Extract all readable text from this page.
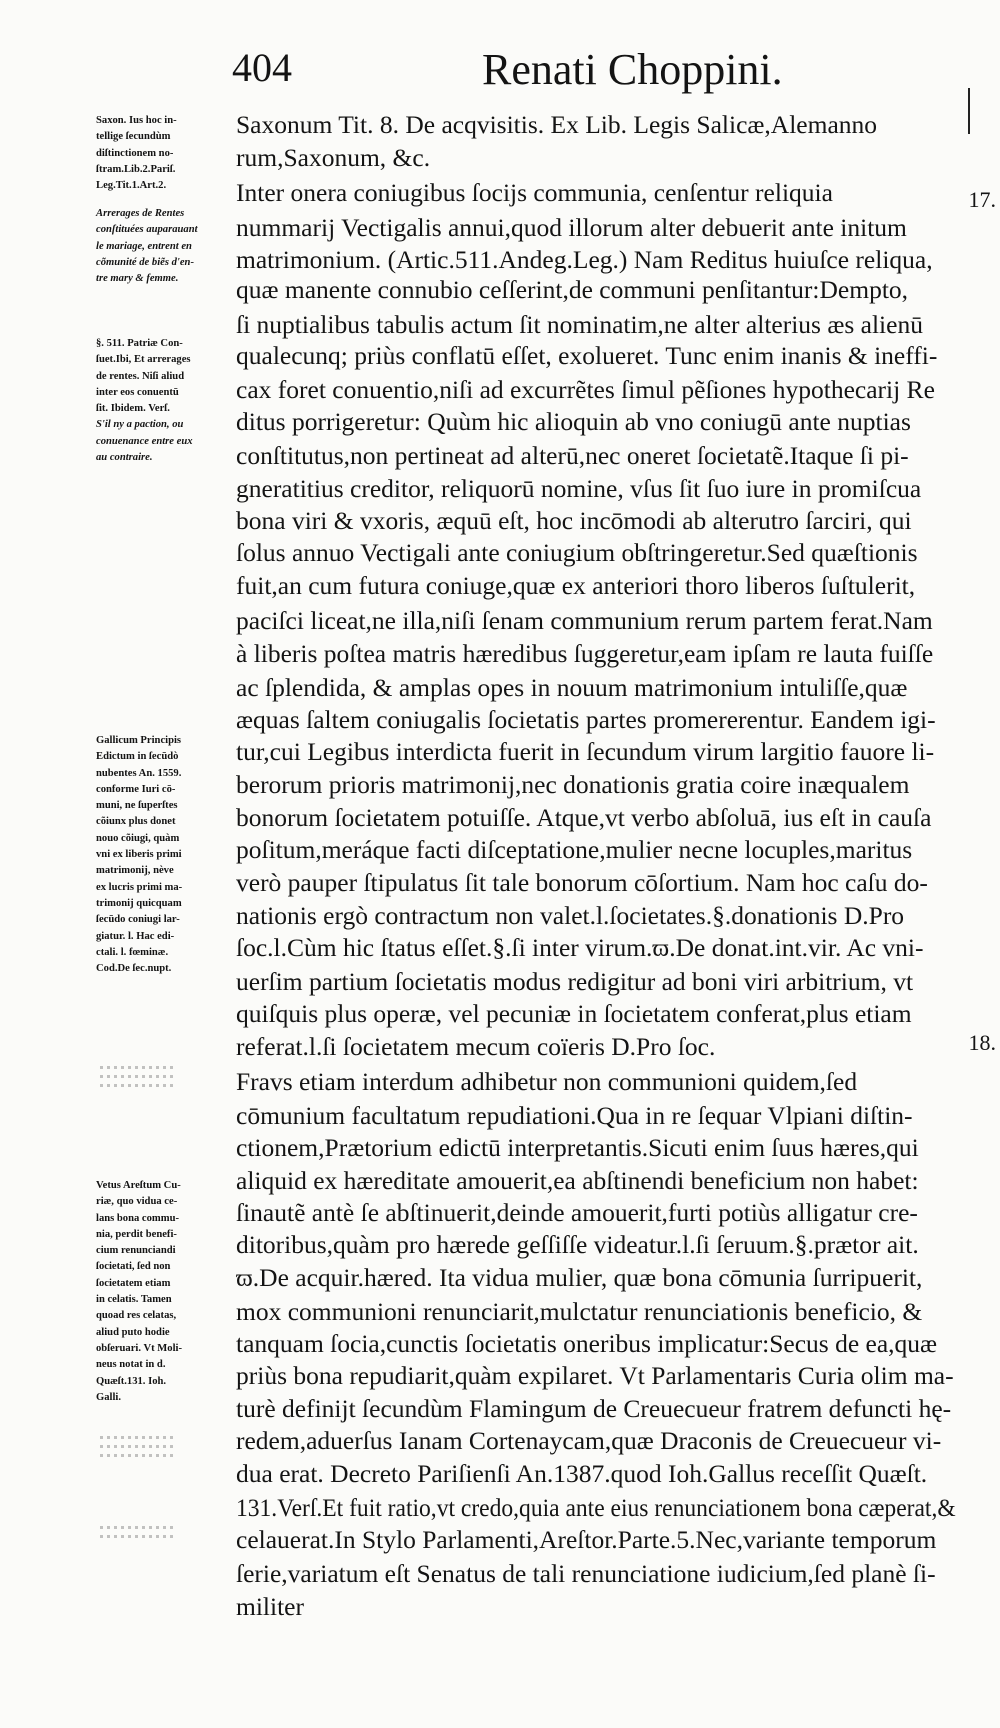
404	Renati Choppini.
Saxon. Ius hoc in-
tellige ſecundùm
diſtinctionem no-
ſtram.Lib.2.Pariſ.
Leg.Tit.1.Art.2.
Arrerages de Rentes
conſtituées auparauant
le mariage, entrent en
cõmunité de biẽs d'en-
tre mary & femme.
§. 511. Patriæ Con-
ſuet.Ibi, Et arrerages
de rentes. Niſi aliud
inter eos conuentū
ſit. Ibidem. Verſ.
S'il ny a paction, ou
conuenance entre eux
au contraire.
Gallicum Principis
Edictum in ſecūdò
nubentes An. 1559.
conforme Iuri cō-
muni, ne ſuperſtes
cõiunx plus donet
nouo cõiugi, quàm
vni ex liberis primi
matrimonij, nève
ex lucris primi ma-
trimonij quicquam
ſecūdo coniugi lar-
giatur. l. Hac edi-
ctali. l. fœminæ.
Cod.De ſec.nupt.
Vetus Areſtum Cu-
riæ, quo vidua ce-
lans bona commu-
nia, perdit benefi-
cium renunciandi
ſocietati, ſed non
ſocietatem etiam
in celatis. Tamen
quoad res celatas,
aliud puto hodie
obſeruari. Vt Moli-
neus notat in d.
Quæſt.131. Ioh.
Galli.
Saxonum Tit. 8. De acqvisitis. Ex Lib. Legis Salicæ,Alemanno
rum,Saxonum, &c.
Inter onera coniugibus ſocijs communia, cenſentur reliquia
nummarij Vectigalis annui,quod illorum alter debuerit ante initum
matrimonium. (Artic.511.Andeg.Leg.) Nam Reditus huiuſce reliqua,
quæ manente connubio ceſſerint,de communi penſitantur:Dempto,
ſi nuptialibus tabulis actum ſit nominatim,ne alter alterius æs alienū
qualecunq; priùs conflatū eſſet, exolueret. Tunc enim inanis & ineffi-
cax foret conuentio,niſi ad excurrẽtes ſimul pẽſiones hypothecarij Re
ditus porrigeretur: Quùm hic alioquin ab vno coniugū ante nuptias
conſtitutus,non pertineat ad alterū,nec oneret ſocietatẽ.Itaque ſi pi-
gneratitius creditor, reliquorū nomine, vſus ſit ſuo iure in promiſcua
bona viri & vxoris, æquū eſt, hoc incōmodi ab alterutro ſarciri, qui
ſolus annuo Vectigali ante coniugium obſtringeretur.Sed quæſtionis
fuit,an cum futura coniuge,quæ ex anteriori thoro liberos ſuſtulerit,
paciſci liceat,ne illa,niſi ſenam communium rerum partem ferat.Nam
à liberis poſtea matris hæredibus ſuggeretur,eam ipſam re lauta fuiſſe
ac ſplendida, & amplas opes in nouum matrimonium intuliſſe,quæ
æquas ſaltem coniugalis ſocietatis partes promererentur. Eandem igi-
tur,cui Legibus interdicta fuerit in ſecundum virum largitio fauore li-
berorum prioris matrimonij,nec donationis gratia coire inæqualem
bonorum ſocietatem potuiſſe. Atque,vt verbo abſoluā, ius eſt in cauſa
poſitum,meráque facti diſceptatione,mulier necne locuples,maritus
verò pauper ſtipulatus ſit tale bonorum cōſortium. Nam hoc caſu do-
nationis ergò contractum non valet.l.ſocietates.§.donationis D.Pro
ſoc.l.Cùm hic ſtatus eſſet.§.ſi inter virum.ϖ.De donat.int.vir. Ac vni-
uerſim partium ſocietatis modus redigitur ad boni viri arbitrium, vt
quiſquis plus operæ, vel pecuniæ in ſocietatem conferat,plus etiam
referat.l.ſi ſocietatem mecum coïeris D.Pro ſoc.
Fravs etiam interdum adhibetur non communioni quidem,ſed
cōmunium facultatum repudiationi.Qua in re ſequar Vlpiani diſtin-
ctionem,Prætorium edictū interpretantis.Sicuti enim ſuus hæres,qui
aliquid ex hæreditate amouerit,ea abſtinendi beneficium non habet:
ſinautẽ antè ſe abſtinuerit,deinde amouerit,furti potiùs alligatur cre-
ditoribus,quàm pro hærede geſſiſſe videatur.l.ſi ſeruum.§.prætor ait.
ϖ.De acquir.hæred. Ita vidua mulier, quæ bona cōmunia ſurripuerit,
mox communioni renunciarit,mulctatur renunciationis beneficio, &
tanquam ſocia,cunctis ſocietatis oneribus implicatur:Secus de ea,quæ
priùs bona repudiarit,quàm expilaret. Vt Parlamentaris Curia olim ma-
turè definijt ſecundùm Flamingum de Creuecueur fratrem defuncti hę-
redem,aduerſus Ianam Cortenaycam,quæ Draconis de Creuecueur vi-
dua erat. Decreto Pariſienſi An.1387.quod Ioh.Gallus receſſit Quæſt.
131.Verſ.Et fuit ratio,vt credo,quia ante eius renunciationem bona cæperat,&
celauerat.In Stylo Parlamenti,Areſtor.Parte.5.Nec,variante temporum
ſerie,variatum eſt Senatus de tali renunciatione iudicium,ſed planè ſi-
militer
17.
18.
